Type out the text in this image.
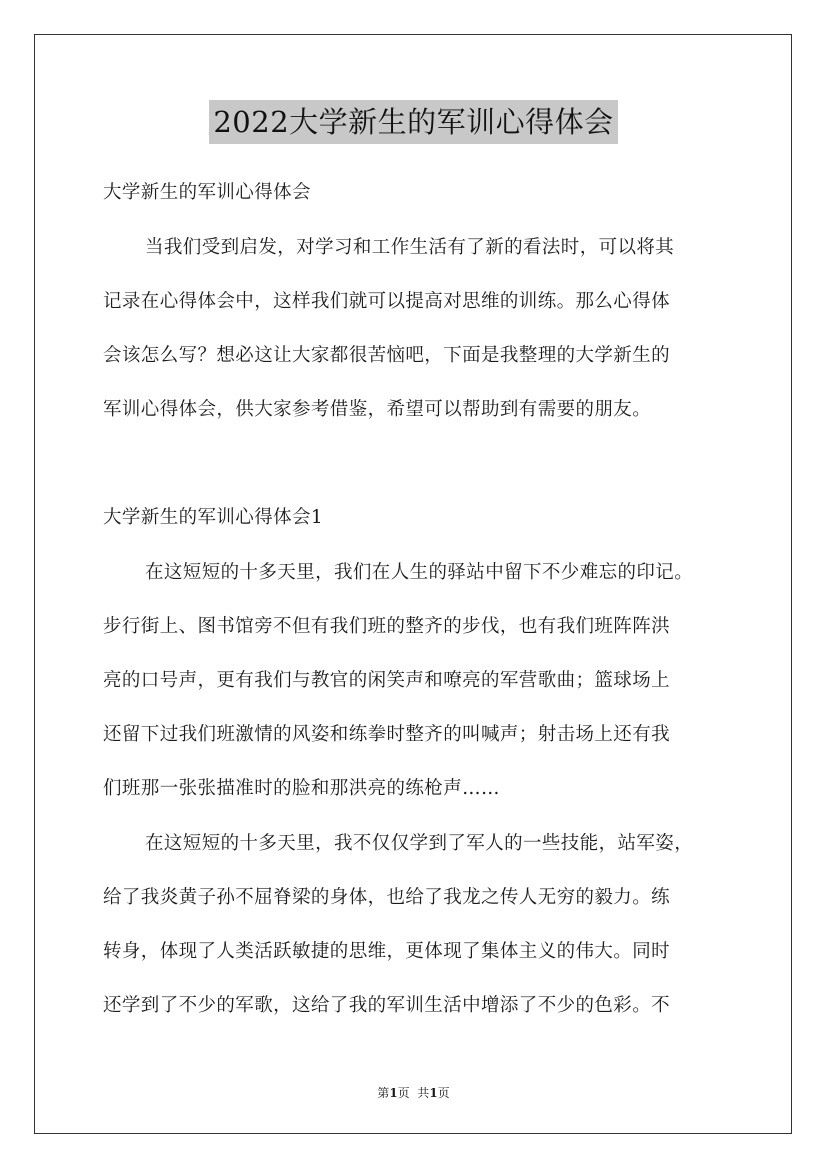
2022大学新生的军训心得体会
大学新生的军训心得体会
当我们受到启发，对学习和工作生活有了新的看法时，可以将其
记录在心得体会中，这样我们就可以提高对思维的训练。那么心得体
会该怎么写？想必这让大家都很苦恼吧，下面是我整理的大学新生的
军训心得体会，供大家参考借鉴，希望可以帮助到有需要的朋友。
大学新生的军训心得体会1
在这短短的十多天里，我们在人生的驿站中留下不少难忘的印记。
步行街上、图书馆旁不但有我们班的整齐的步伐，也有我们班阵阵洪
亮的口号声，更有我们与教官的闲笑声和嘹亮的军营歌曲；篮球场上
还留下过我们班激情的风姿和练拳时整齐的叫喊声；射击场上还有我
们班那一张张描准时的脸和那洪亮的练枪声……
在这短短的十多天里，我不仅仅学到了军人的一些技能，站军姿，
给了我炎黄子孙不屈脊梁的身体，也给了我龙之传人无穷的毅力。练
转身，体现了人类活跃敏捷的思维，更体现了集体主义的伟大。同时
还学到了不少的军歌，这给了我的军训生活中增添了不少的色彩。不
第1页  共1页
